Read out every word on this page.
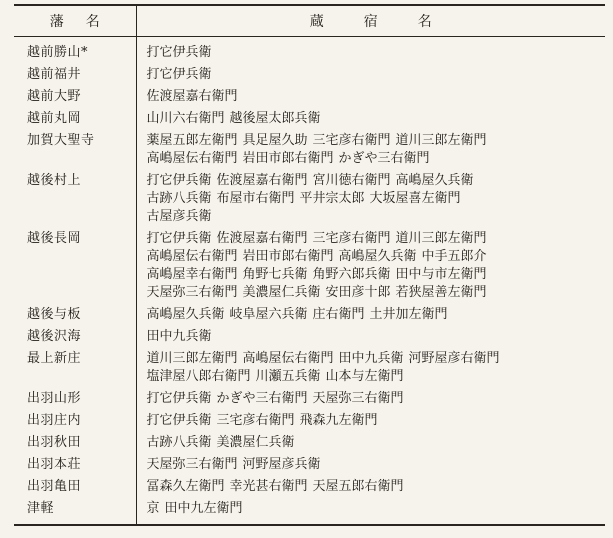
藩 名	蔵 宿 名
越前勝山*	打它伊兵衛

越前福井	打它伊兵衛

越前大野	佐渡屋嘉右衛門

越前丸岡	山川六右衛門 越後屋太郎兵衛

加賀大聖寺	薬屋五郎左衛門 具足屋久助 三宅彦右衛門 道川三郎左衛門
高嶋屋伝右衛門 岩田市郎右衛門 かぎや三右衛門

越後村上	打它伊兵衛 佐渡屋嘉右衛門 宮川徳右衛門 高嶋屋久兵衛
古跡八兵衛 布屋市右衛門 平井宗太郎 大坂屋喜左衛門
古屋彦兵衛

越後長岡	打它伊兵衛 佐渡屋嘉右衛門 三宅彦右衛門 道川三郎左衛門
高嶋屋伝右衛門 岩田市郎右衛門 高嶋屋久兵衛 中手五郎介
高嶋屋幸右衛門 角野七兵衛 角野六郎兵衛 田中与市左衛門
天屋弥三右衛門 美濃屋仁兵衛 安田彦十郎 若狭屋善左衛門

越後与板	高嶋屋久兵衛 岐阜屋六兵衛 庄右衛門 土井加左衛門

越後沢海	田中九兵衛

最上新庄	道川三郎左衛門 高嶋屋伝右衛門 田中九兵衛 河野屋彦右衛門
塩津屋八郎右衛門 川瀬五兵衛 山本与左衛門

出羽山形	打它伊兵衛 かぎや三右衛門 天屋弥三右衛門

出羽庄内	打它伊兵衛 三宅彦右衛門 飛森九左衛門

出羽秋田	古跡八兵衛 美濃屋仁兵衛

出羽本荘	天屋弥三右衛門 河野屋彦兵衛

出羽亀田	冨森久左衛門 幸光甚右衛門 天屋五郎右衛門

津軽	京 田中九左衛門
